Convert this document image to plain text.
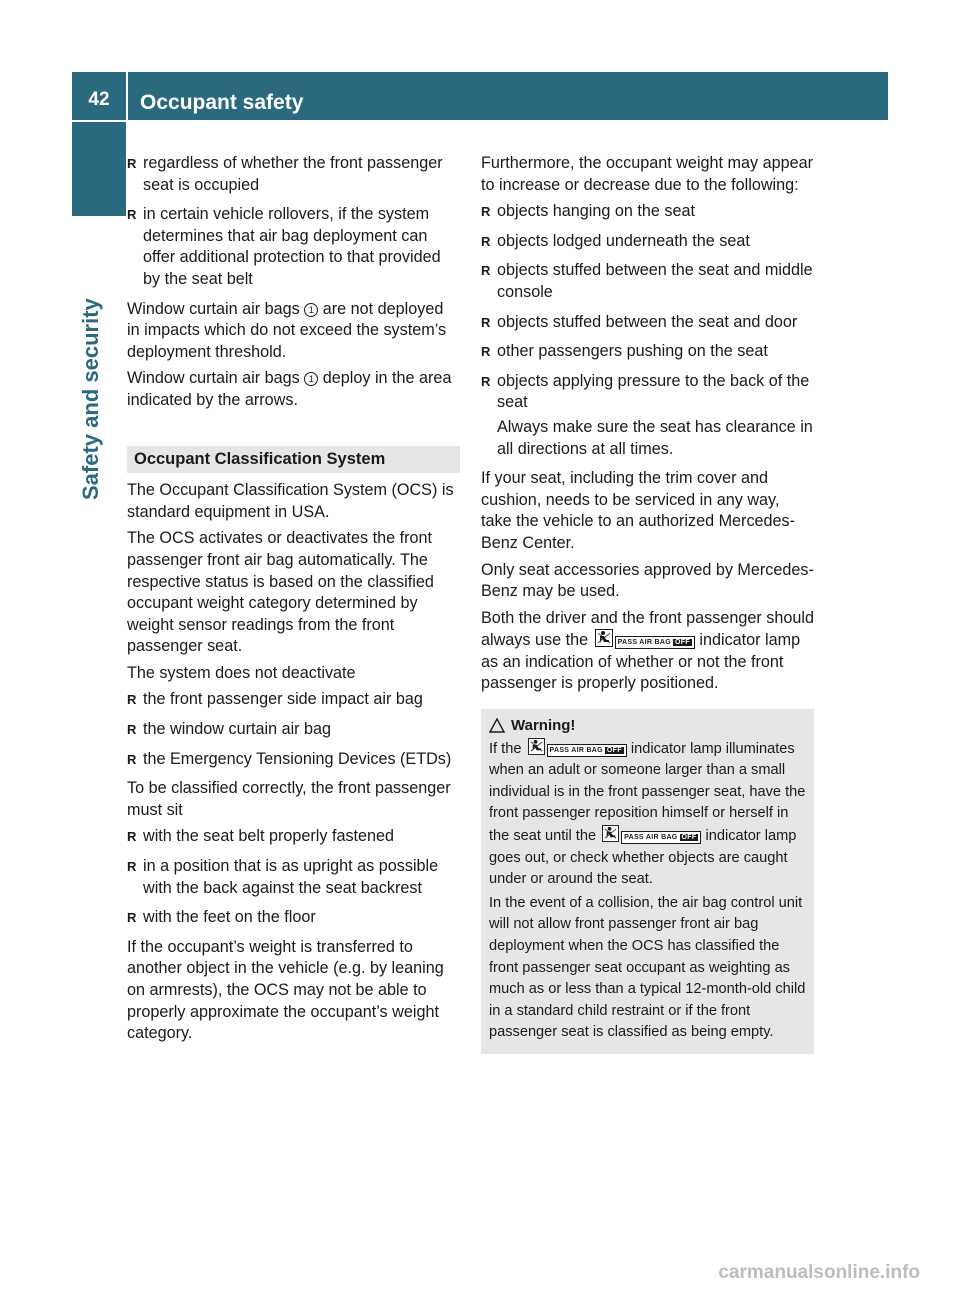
42	Occupant safety
Safety and security
R regardless of whether the front passenger seat is occupied
R in certain vehicle rollovers, if the system determines that air bag deployment can offer additional protection to that provided by the seat belt

Window curtain air bags 1 are not deployed in impacts which do not exceed the system’s deployment threshold.

Window curtain air bags 1 deploy in the area indicated by the arrows.

Occupant Classification System

The Occupant Classification System (OCS) is standard equipment in USA.

The OCS activates or deactivates the front passenger front air bag automatically. The respective status is based on the classified occupant weight category determined by weight sensor readings from the front passenger seat.

The system does not deactivate

R the front passenger side impact air bag
R the window curtain air bag
R the Emergency Tensioning Devices (ETDs)

To be classified correctly, the front passenger must sit

R with the seat belt properly fastened
R in a position that is as upright as possible with the back against the seat backrest
R with the feet on the floor

If the occupant’s weight is transferred to another object in the vehicle (e.g. by leaning on armrests), the OCS may not be able to properly approximate the occupant’s weight category.

Furthermore, the occupant weight may appear to increase or decrease due to the following:

R objects hanging on the seat
R objects lodged underneath the seat
R objects stuffed between the seat and middle console
R objects stuffed between the seat and door
R other passengers pushing on the seat
R objects applying pressure to the back of the seat
Always make sure the seat has clearance in all directions at all times.

If your seat, including the trim cover and cushion, needs to be serviced in any way, take the vehicle to an authorized Mercedes-Benz Center.

Only seat accessories approved by Mercedes-Benz may be used.

Both the driver and the front passenger should always use the	PASS AIR BAG OFF indicator lamp as an indication of whether or not the front passenger is properly positioned.

Warning!

If the	PASS AIR BAG OFF indicator lamp illuminates when an adult or someone larger than a small individual is in the front passenger seat, have the front passenger reposition himself or herself in the seat until the	PASS AIR BAG OFF indicator lamp goes out, or check whether objects are caught under or around the seat.

In the event of a collision, the air bag control unit will not allow front passenger front air bag deployment when the OCS has classified the front passenger seat occupant as weighting as much as or less than a typical 12-month-old child in a standard child restraint or if the front passenger seat is classified as being empty.

carmanualsonline.info
